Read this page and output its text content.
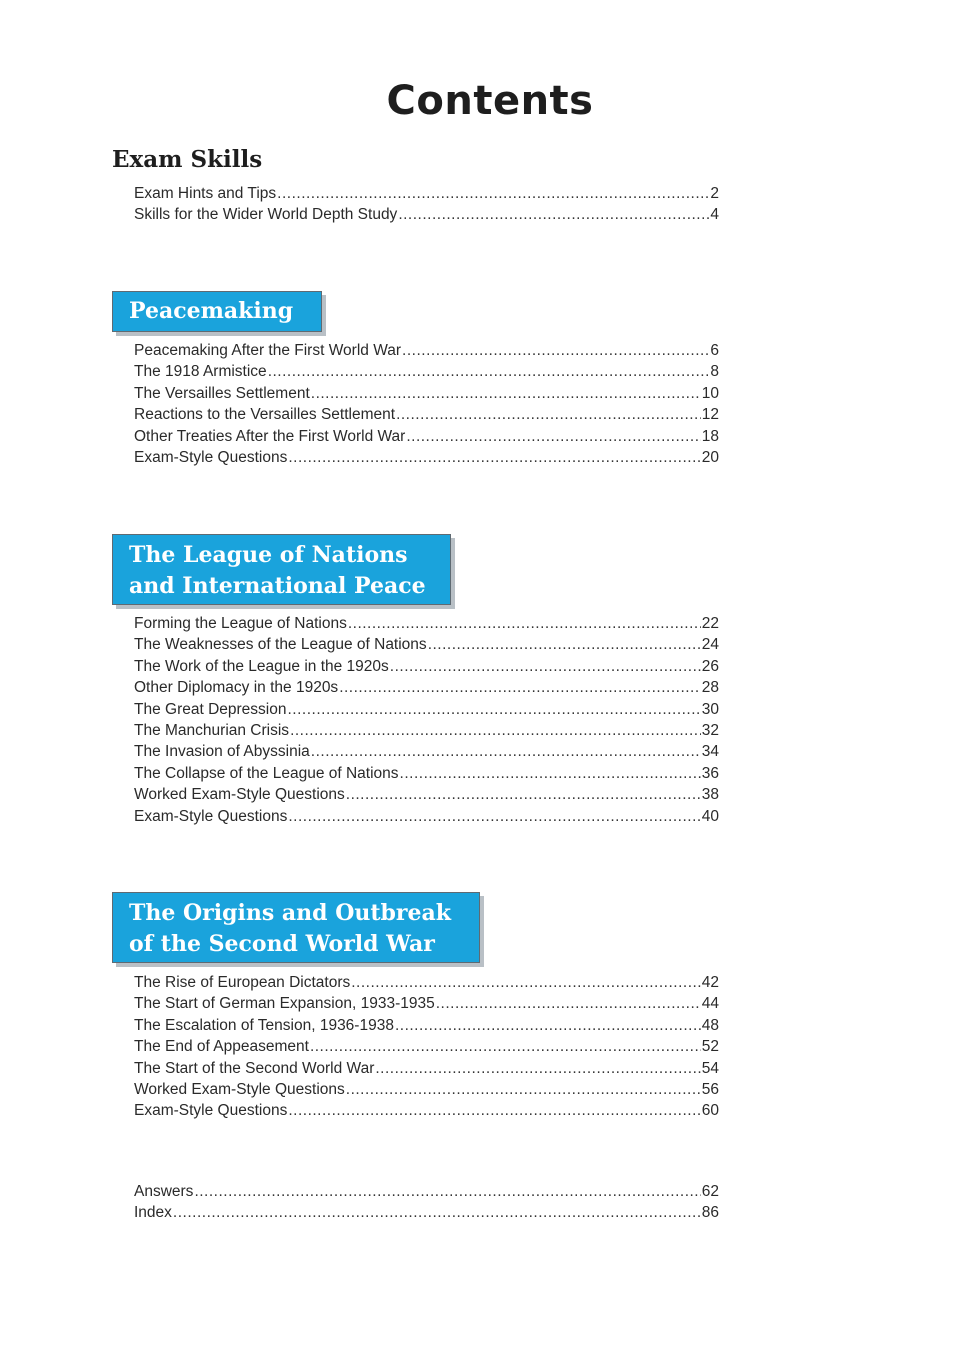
Contents
Exam Skills
Exam Hints and Tips .....	2
Skills for the Wider World Depth Study .....	4
Peacemaking
Peacemaking After the First World War .....	6
The 1918 Armistice .....	8
The Versailles Settlement .....	10
Reactions to the Versailles Settlement .....	12
Other Treaties After the First World War .....	18
Exam-Style Questions .....	20
The League of Nations
and International Peace
Forming the League of Nations .....	22
The Weaknesses of the League of Nations .....	24
The Work of the League in the 1920s .....	26
Other Diplomacy in the 1920s .....	28
The Great Depression .....	30
The Manchurian Crisis .....	32
The Invasion of Abyssinia .....	34
The Collapse of the League of Nations .....	36
Worked Exam-Style Questions .....	38
Exam-Style Questions .....	40
The Origins and Outbreak
of the Second World War
The Rise of European Dictators .....	42
The Start of German Expansion, 1933-1935 .....	44
The Escalation of Tension, 1936-1938 .....	48
The End of Appeasement .....	52
The Start of the Second World War .....	54
Worked Exam-Style Questions .....	56
Exam-Style Questions .....	60
Answers .....	62
Index .....	86
